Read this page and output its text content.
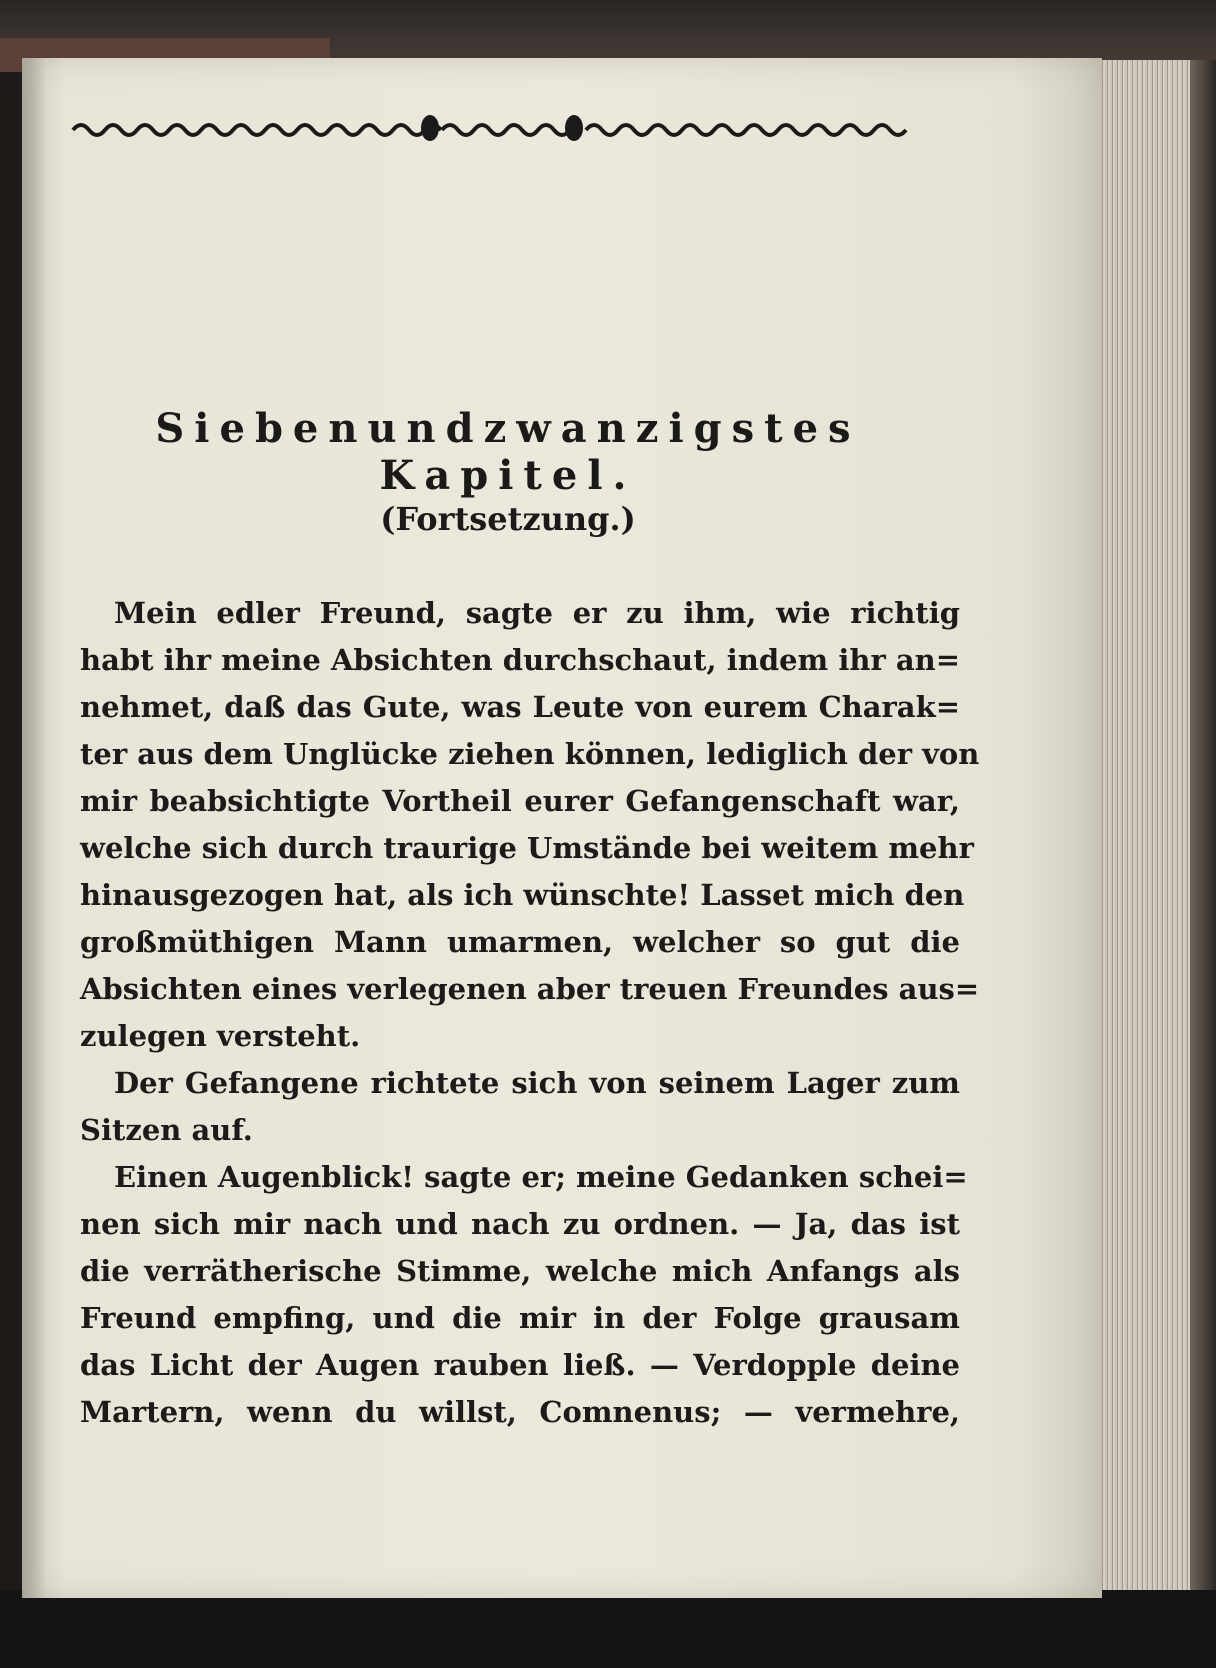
Siebenundzwanzigstes Kapitel.
(Fortsetzung.)
Mein edler Freund, sagte er zu ihm, wie richtig
habt ihr meine Absichten durchschaut, indem ihr an=
nehmet, daß das Gute, was Leute von eurem Charak=
ter aus dem Unglücke ziehen können, lediglich der von
mir beabsichtigte Vortheil eurer Gefangenschaft war,
welche sich durch traurige Umstände bei weitem mehr
hinausgezogen hat, als ich wünschte! Lasset mich den
großmüthigen Mann umarmen, welcher so gut die
Absichten eines verlegenen aber treuen Freundes aus=
zulegen versteht.
Der Gefangene richtete sich von seinem Lager zum
Sitzen auf.
Einen Augenblick! sagte er; meine Gedanken schei=
nen sich mir nach und nach zu ordnen. — Ja, das ist
die verrätherische Stimme, welche mich Anfangs als
Freund empfing, und die mir in der Folge grausam
das Licht der Augen rauben ließ. — Verdopple deine
Martern, wenn du willst, Comnenus; — vermehre,
